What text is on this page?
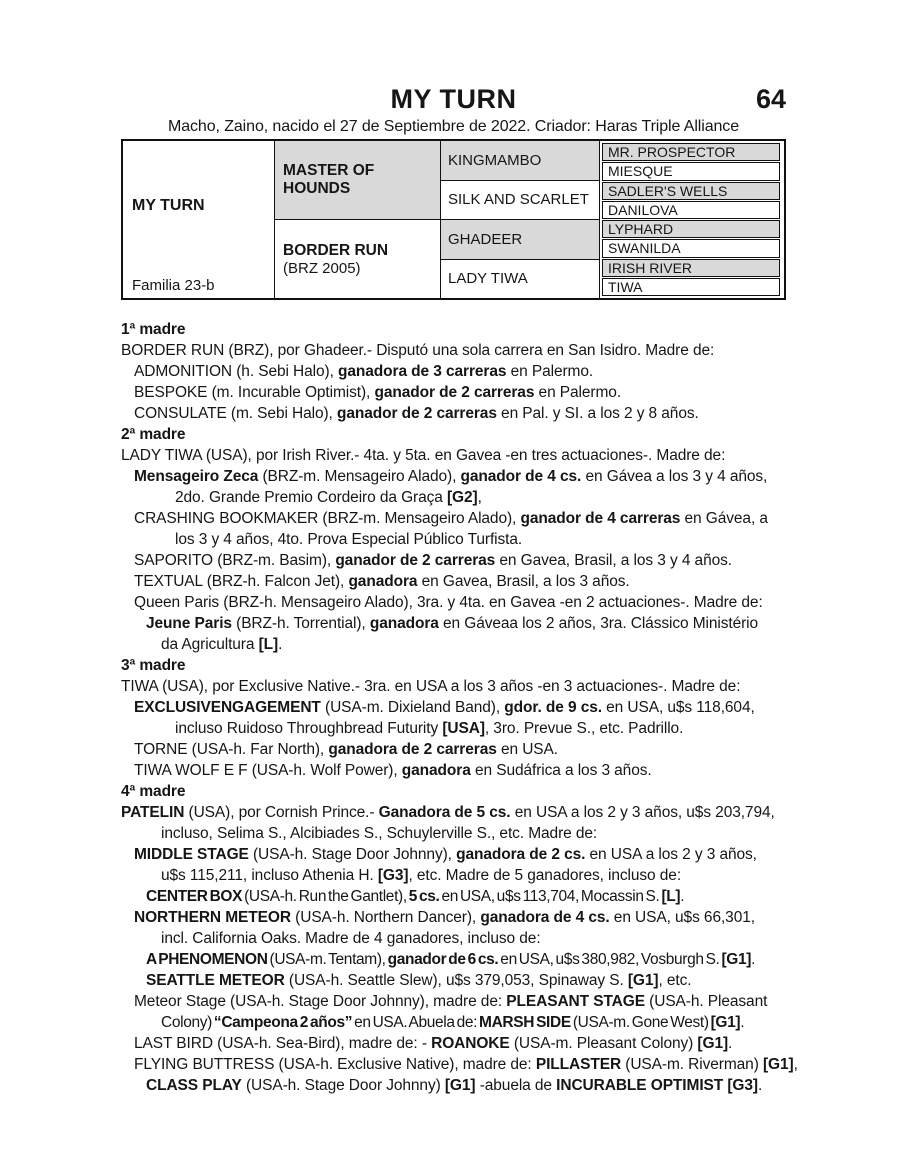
MY TURN	64
Macho, Zaino, nacido el 27 de Septiembre de 2022. Criador: Haras Triple Alliance
MY TURN
Familia 23-b
MASTER OF HOUNDS
BORDER RUN
(BRZ 2005)
KINGMAMBO
SILK AND SCARLET
GHADEER
LADY TIWA
MR. PROSPECTOR
MIESQUE
SADLER'S WELLS
DANILOVA
LYPHARD
SWANILDA
IRISH RIVER
TIWA
1ª madre
BORDER RUN (BRZ), por Ghadeer.- Disputó una sola carrera en San Isidro. Madre de:
ADMONITION (h. Sebi Halo), ganadora de 3 carreras en Palermo.
BESPOKE (m. Incurable Optimist), ganador de 2 carreras en Palermo.
CONSULATE (m. Sebi Halo), ganador de 2 carreras en Pal. y SI. a los 2 y 8 años.
2ª madre
LADY TIWA (USA), por Irish River.- 4ta. y 5ta. en Gavea -en tres actuaciones-. Madre de:
Mensageiro Zeca (BRZ-m. Mensageiro Alado), ganador de 4 cs. en Gávea a los 3 y 4 años,
2do. Grande Premio Cordeiro da Graça [G2],
CRASHING BOOKMAKER (BRZ-m. Mensageiro Alado), ganador de 4 carreras en Gávea, a
los 3 y 4 años, 4to. Prova Especial Público Turfista.
SAPORITO (BRZ-m. Basim), ganador de 2 carreras en Gavea, Brasil, a los 3 y 4 años.
TEXTUAL (BRZ-h. Falcon Jet), ganadora en Gavea, Brasil, a los 3 años.
Queen Paris (BRZ-h. Mensageiro Alado), 3ra. y 4ta. en Gavea -en 2 actuaciones-. Madre de:
Jeune Paris (BRZ-h. Torrential), ganadora en Gáveaa los 2 años, 3ra. Clássico Ministério
da Agricultura [L].
3ª madre
TIWA (USA), por Exclusive Native.- 3ra. en USA a los 3 años -en 3 actuaciones-. Madre de:
EXCLUSIVENGAGEMENT (USA-m. Dixieland Band), gdor. de 9 cs. en USA, u$s 118,604,
incluso Ruidoso Throughbread Futurity [USA], 3ro. Prevue S., etc. Padrillo.
TORNE (USA-h. Far North), ganadora de 2 carreras en USA.
TIWA WOLF E F (USA-h. Wolf Power), ganadora en Sudáfrica a los 3 años.
4ª madre
PATELIN (USA), por Cornish Prince.- Ganadora de 5 cs. en USA a los 2 y 3 años, u$s 203,794,
incluso, Selima S., Alcibiades S., Schuylerville S., etc. Madre de:
MIDDLE STAGE (USA-h. Stage Door Johnny), ganadora de 2 cs. en USA a los 2 y 3 años,
u$s 115,211, incluso Athenia H. [G3], etc. Madre de 5 ganadores, incluso de:
CENTER BOX (USA-h. Run the Gantlet), 5 cs. en USA, u$s 113,704, Mocassin S. [L].
NORTHERN METEOR (USA-h. Northern Dancer), ganadora de 4 cs. en USA, u$s 66,301,
incl. California Oaks. Madre de 4 ganadores, incluso de:
A PHENOMENON (USA-m. Tentam), ganador de 6 cs. en USA, u$s 380,982, Vosburgh S. [G1].
SEATTLE METEOR (USA-h. Seattle Slew), u$s 379,053, Spinaway S. [G1], etc.
Meteor Stage (USA-h. Stage Door Johnny), madre de: PLEASANT STAGE (USA-h. Pleasant
Colony) “Campeona 2 años” en USA. Abuela de: MARSH SIDE (USA-m. Gone West) [G1].
LAST BIRD (USA-h. Sea-Bird), madre de: - ROANOKE (USA-m. Pleasant Colony) [G1].
FLYING BUTTRESS (USA-h. Exclusive Native), madre de: PILLASTER (USA-m. Riverman) [G1],
CLASS PLAY (USA-h. Stage Door Johnny) [G1] -abuela de INCURABLE OPTIMIST [G3].
